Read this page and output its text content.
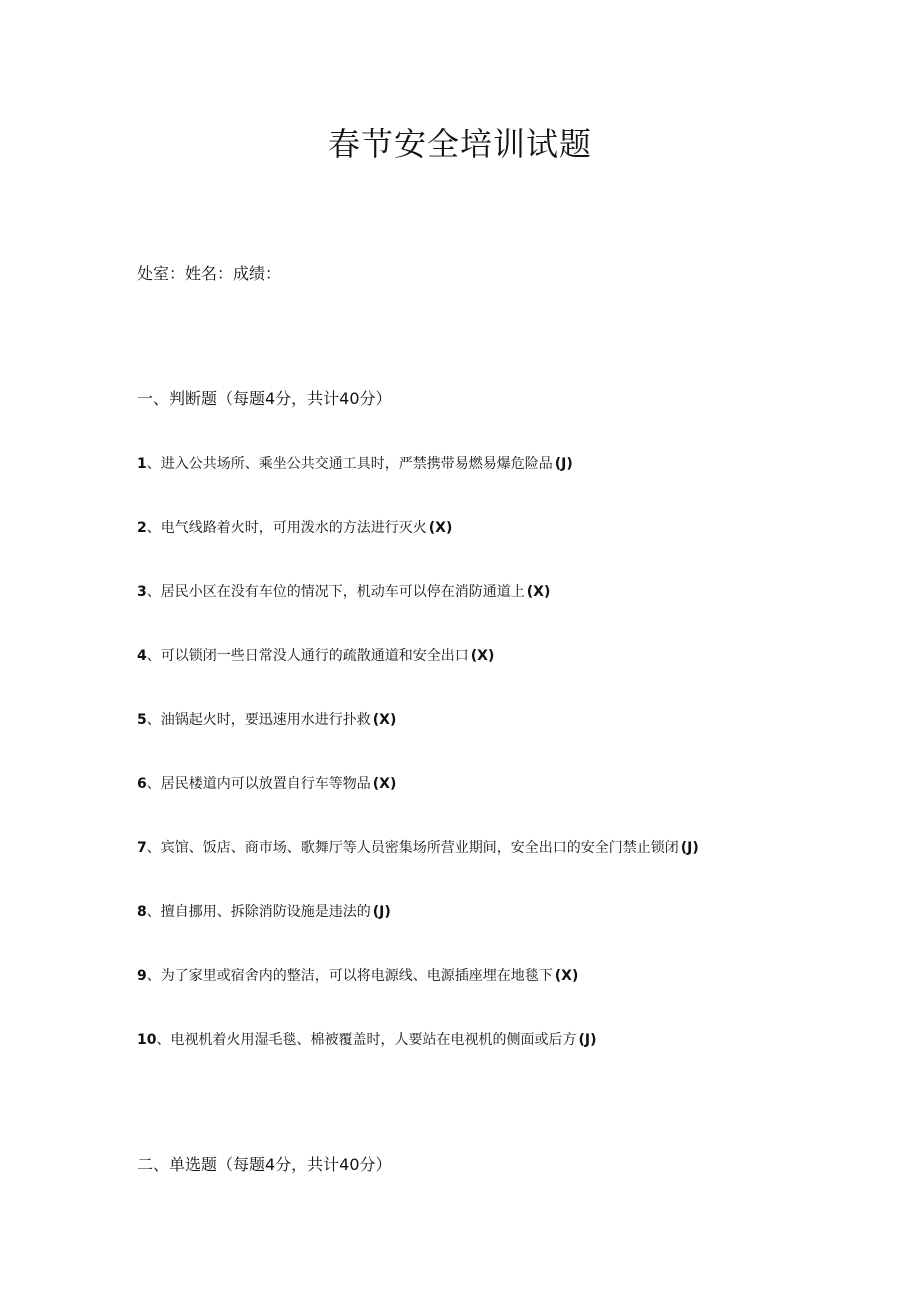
春节安全培训试题
处室：姓名：成绩：
一、判断题（每题4分，共计40分）
1、进入公共场所、乘坐公共交通工具时，严禁携带易燃易爆危险品 (J)
2、电气线路着火时，可用泼水的方法进行灭火 (X)
3、居民小区在没有车位的情况下，机动车可以停在消防通道上 (X)
4、可以锁闭一些日常没人通行的疏散通道和安全出口 (X)
5、油锅起火时，要迅速用水进行扑救 (X)
6、居民楼道内可以放置自行车等物品 (X)
7、宾馆、饭店、商市场、歌舞厅等人员密集场所营业期间，安全出口的安全门禁止锁闭 (J)
8、擅自挪用、拆除消防设施是违法的 (J)
9、为了家里或宿舍内的整洁，可以将电源线、电源插座埋在地毯下 (X)
10、电视机着火用湿毛毯、棉被覆盖时，人要站在电视机的侧面或后方 (J)
二、单选题（每题4分，共计40分）
